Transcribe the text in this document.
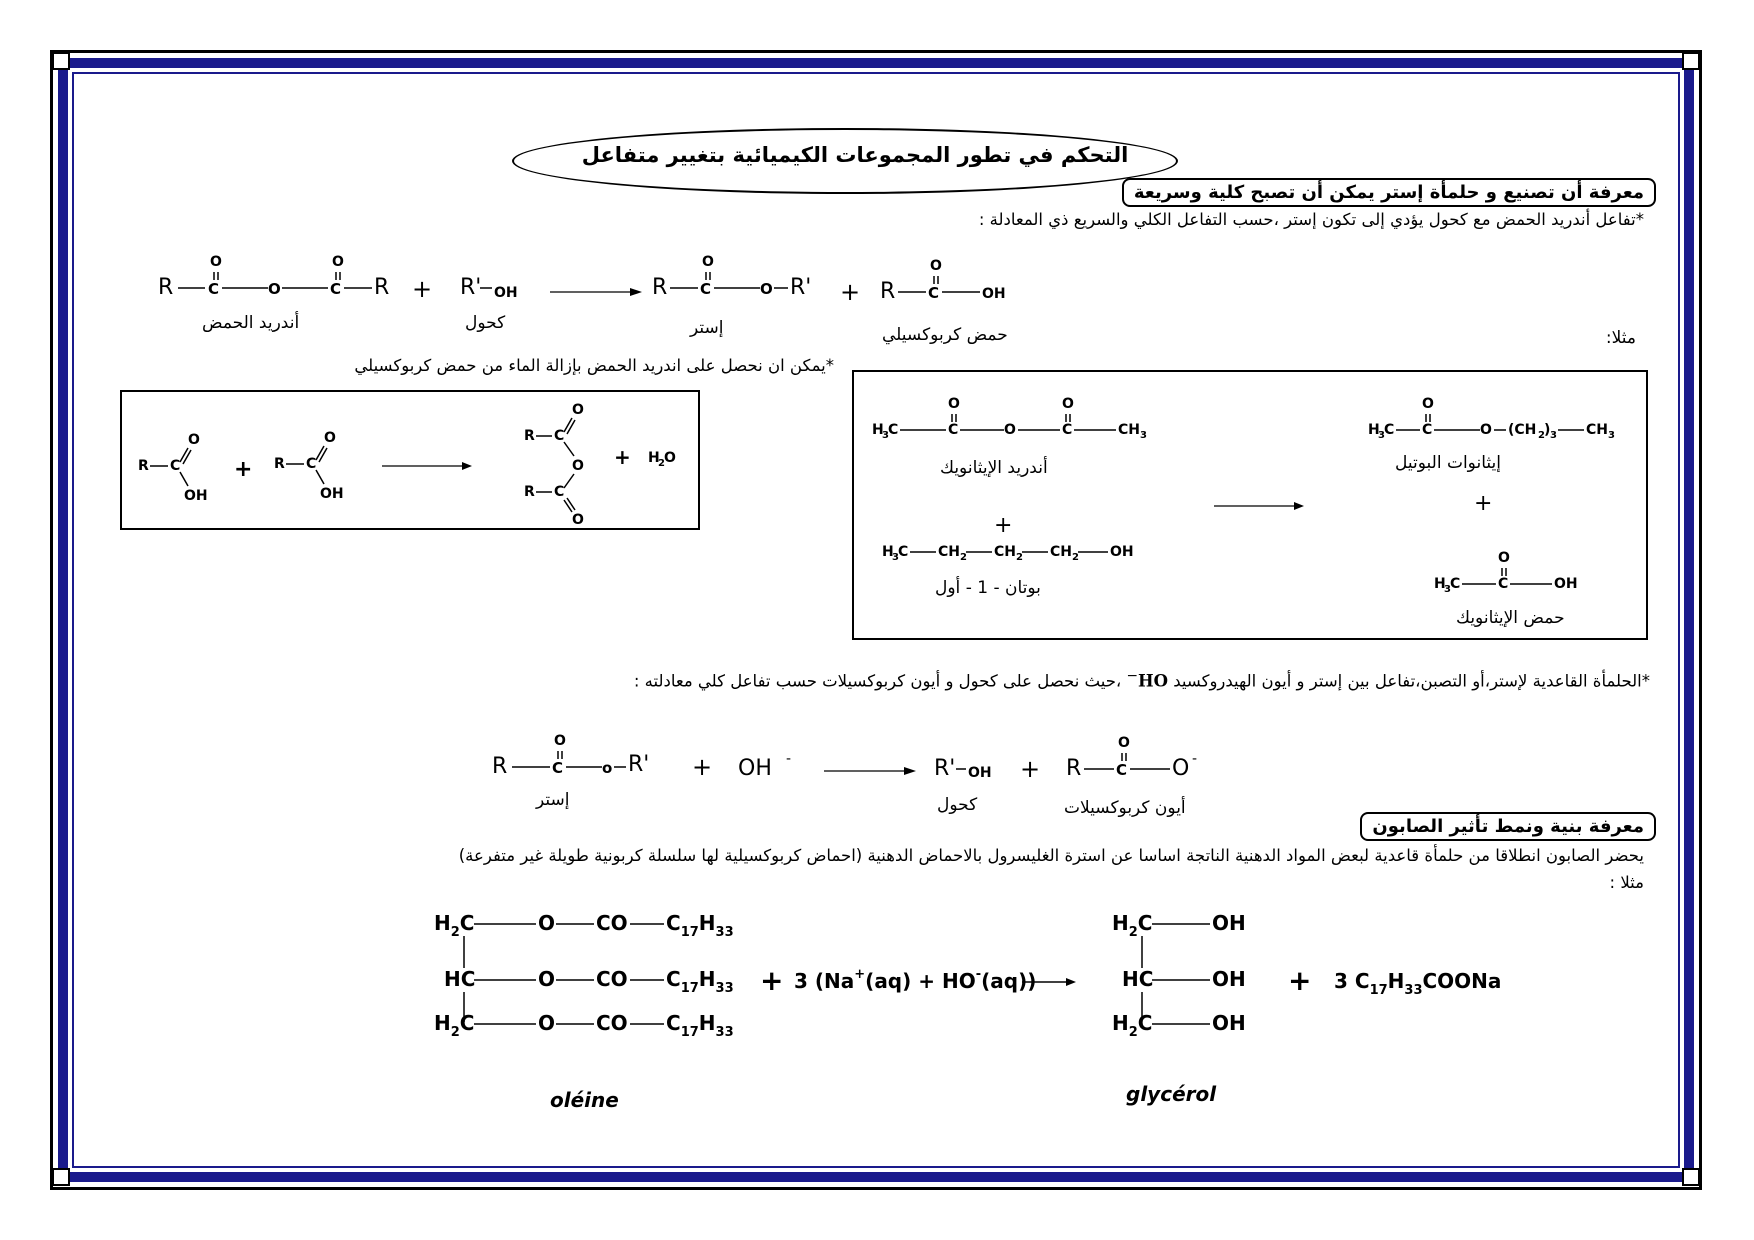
التحكم في تطور المجموعات الكيميائية بتغيير متفاعل
معرفة أن تصنيع و حلمأة إستر يمكن أن تصبح كلية وسريعة
*تفاعل أندريد الحمض مع كحول يؤدي إلى تكون إستر ،حسب التفاعل الكلي والسريع ذي المعادلة :
R C
O
O	C
O
R + R' OH	R C
O
O R' + R C
O
OH
أندريد الحمض	كحول	إستر	حمض كربوكسيلي	مثلا:
*يمكن ان نحصل على اندريد الحمض بإزالة الماء من حمض كربوكسيلي
R C
O
OH
+ R C
O
OH
R C
O
O
R C
O
+ H
2 O
H
3 C	C
O
O	C
O
CH 3
+
H
3 C CH 2 CH 2 CH 2 OH
H
3 C C
O
O (CH 2 ) 3 CH 3
+
H
3 C	C
O
OH
أندريد الإيثانويك
بوتان - 1 - أول
إيثانوات البوتيل
حمض الإيثانويك
*الحلمأة القاعدية لإستر،أو التصبن،تفاعل بين إستر و أيون الهيدروكسيد HO− ،حيث نحصل على كحول و أيون كربوكسيلات حسب تفاعل كلي معادلته :
R	C
O
o R' + OH -	R' OH + R C
O
O -
إستر	كحول	أيون كربوكسيلات
معرفة بنية ونمط تأثير الصابون
يحضر الصابون انطلاقا من حلمأة قاعدية لبعض المواد الدهنية الناتجة اساسا عن استرة الغليسرول بالاحماض الدهنية (احماض كربوكسيلية لها سلسلة كربونية طويلة غير متفرعة)
مثلا :
$H_2C$	O CO $C_{17}H_{33}$
HC	O CO $C_{17}H_{33}$
$H_2C$	O CO $C_{17}H_{33}$
+ 3 (Na+(aq) + HO-(aq))
$H_2C$	OH
HC	OH
$H_2C$	OH
+ 3 $C_{17}H_{33}COONa$
oléine	glycérol
